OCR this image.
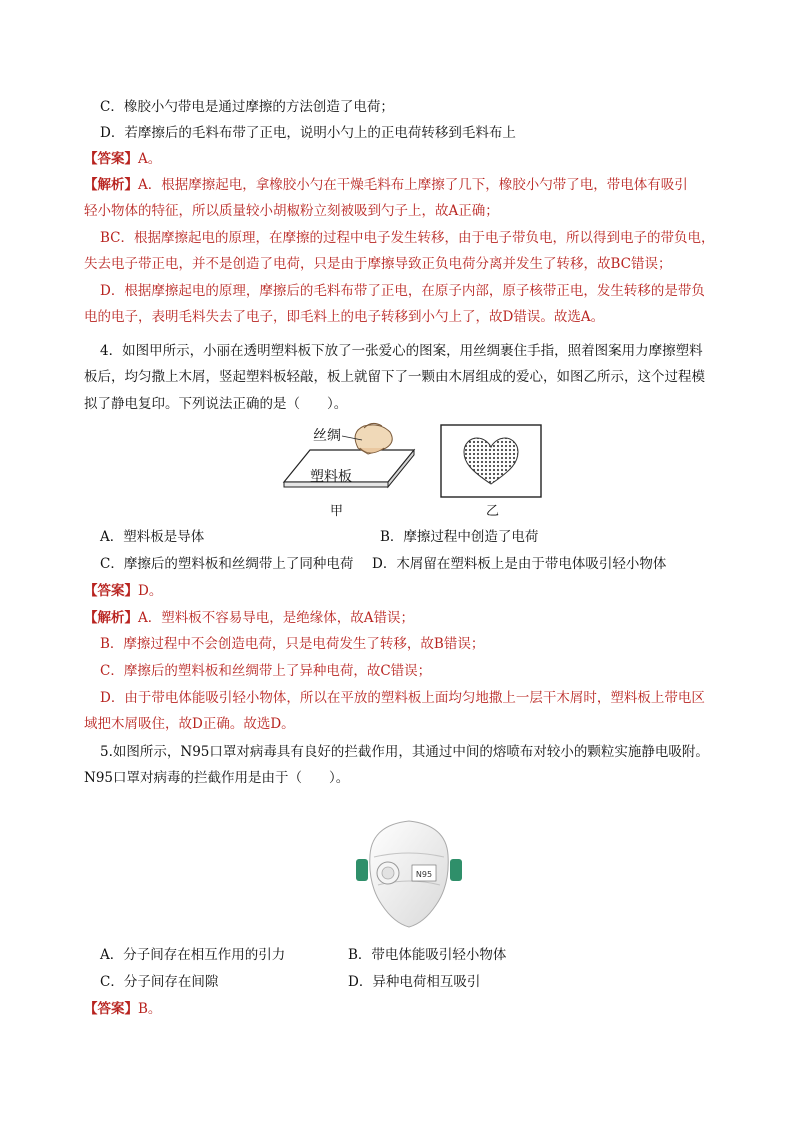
C．橡胶小勺带电是通过摩擦的方法创造了电荷；
D．若摩擦后的毛料布带了正电，说明小勺上的正电荷转移到毛料布上
【答案】A。
【解析】A．根据摩擦起电，拿橡胶小勺在干燥毛料布上摩擦了几下，橡胶小勺带了电，带电体有吸引
轻小物体的特征，所以质量较小胡椒粉立刻被吸到勺子上，故A正确；
BC．根据摩擦起电的原理，在摩擦的过程中电子发生转移，由于电子带负电，所以得到电子的带负电，
失去电子带正电，并不是创造了电荷，只是由于摩擦导致正负电荷分离并发生了转移，故BC错误；
D．根据摩擦起电的原理，摩擦后的毛料布带了正电，在原子内部，原子核带正电，发生转移的是带负
电的电子，表明毛料失去了电子，即毛料上的电子转移到小勺上了，故D错误。故选A。
4．如图甲所示，小丽在透明塑料板下放了一张爱心的图案，用丝绸裹住手指，照着图案用力摩擦塑料
板后，均匀撒上木屑，竖起塑料板轻敲，板上就留下了一颗由木屑组成的爱心，如图乙所示，这个过程模
拟了静电复印。下列说法正确的是（　　）。
丝绸
塑料板
甲	乙
A．塑料板是导体	B．摩擦过程中创造了电荷
C．摩擦后的塑料板和丝绸带上了同种电荷 D．木屑留在塑料板上是由于带电体吸引轻小物体
【答案】D。
【解析】A．塑料板不容易导电，是绝缘体，故A错误；
B．摩擦过程中不会创造电荷，只是电荷发生了转移，故B错误；
C．摩擦后的塑料板和丝绸带上了异种电荷，故C错误；
D．由于带电体能吸引轻小物体，所以在平放的塑料板上面均匀地撒上一层干木屑时，塑料板上带电区
域把木屑吸住，故D正确。故选D。
5.如图所示，N95口罩对病毒具有良好的拦截作用，其通过中间的熔喷布对较小的颗粒实施静电吸附。
N95口罩对病毒的拦截作用是由于（　　）。
N95
A．分子间存在相互作用的引力	B．带电体能吸引轻小物体
C．分子间存在间隙	D．异种电荷相互吸引
【答案】B。
